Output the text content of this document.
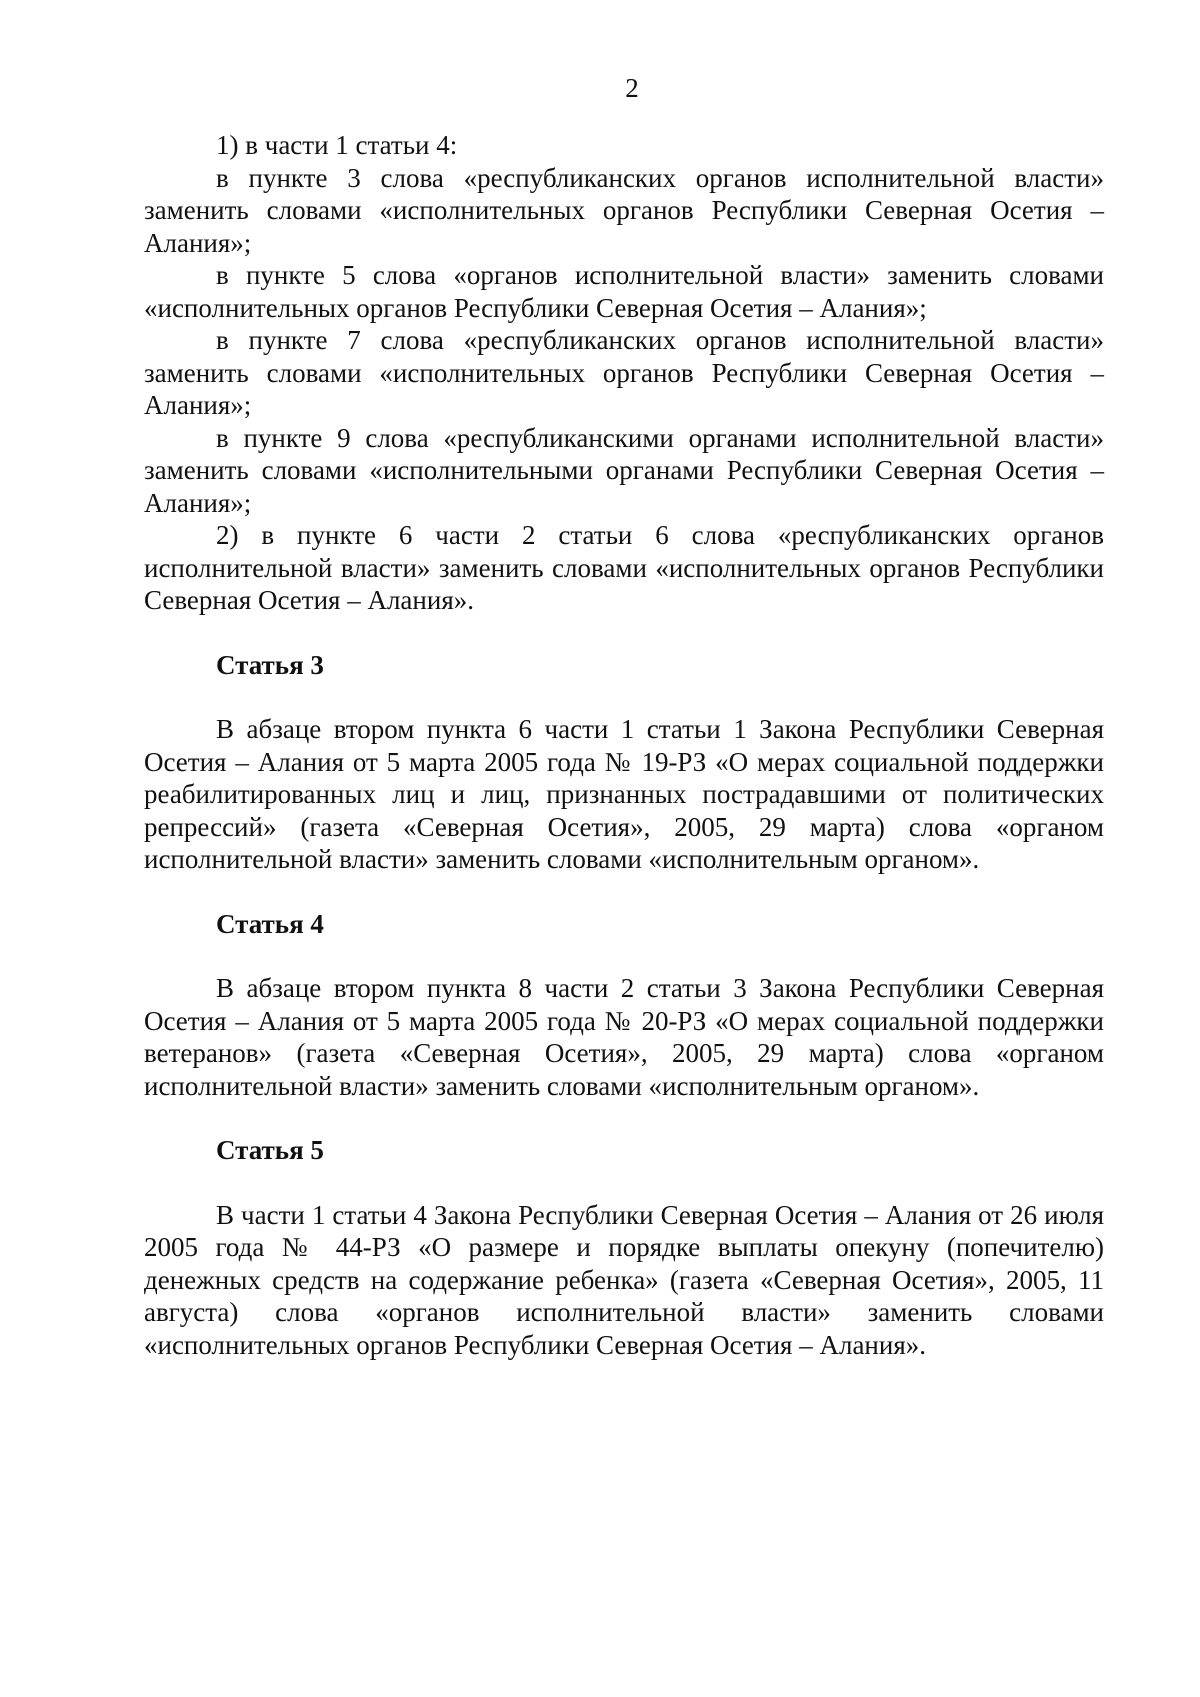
2

1) в части 1 статьи 4:

в пункте 3 слова «республиканских органов исполнительной власти» заменить словами «исполнительных органов Республики Северная Осетия – Алания»;

в пункте 5 слова «органов исполнительной власти» заменить словами «исполнительных органов Республики Северная Осетия – Алания»;

в пункте 7 слова «республиканских органов исполнительной власти» заменить словами «исполнительных органов Республики Северная Осетия – Алания»;

в пункте 9 слова «республиканскими органами исполнительной власти» заменить словами «исполнительными органами Республики Северная Осетия – Алания»;

2) в пункте 6 части 2 статьи 6 слова «республиканских органов исполнительной власти» заменить словами «исполнительных органов Республики Северная Осетия – Алания».

Статья 3

В абзаце втором пункта 6 части 1 статьи 1 Закона Республики Северная Осетия – Алания от 5 марта 2005 года № 19-РЗ «О мерах социальной поддержки реабилитированных лиц и лиц, признанных пострадавшими от политических репрессий» (газета «Северная Осетия», 2005, 29 марта) слова «органом исполнительной власти» заменить словами «исполнительным органом».

Статья 4

В абзаце втором пункта 8 части 2 статьи 3 Закона Республики Северная Осетия – Алания от 5 марта 2005 года № 20-РЗ «О мерах социальной поддержки ветеранов» (газета «Северная Осетия», 2005, 29 марта) слова «органом исполнительной власти» заменить словами «исполнительным органом».

Статья 5

В части 1 статьи 4 Закона Республики Северная Осетия – Алания от 26 июля 2005 года № 44-РЗ «О размере и порядке выплаты опекуну (попечителю) денежных средств на содержание ребенка» (газета «Северная Осетия», 2005, 11 августа) слова «органов исполнительной власти» заменить словами «исполнительных органов Республики Северная Осетия – Алания».
